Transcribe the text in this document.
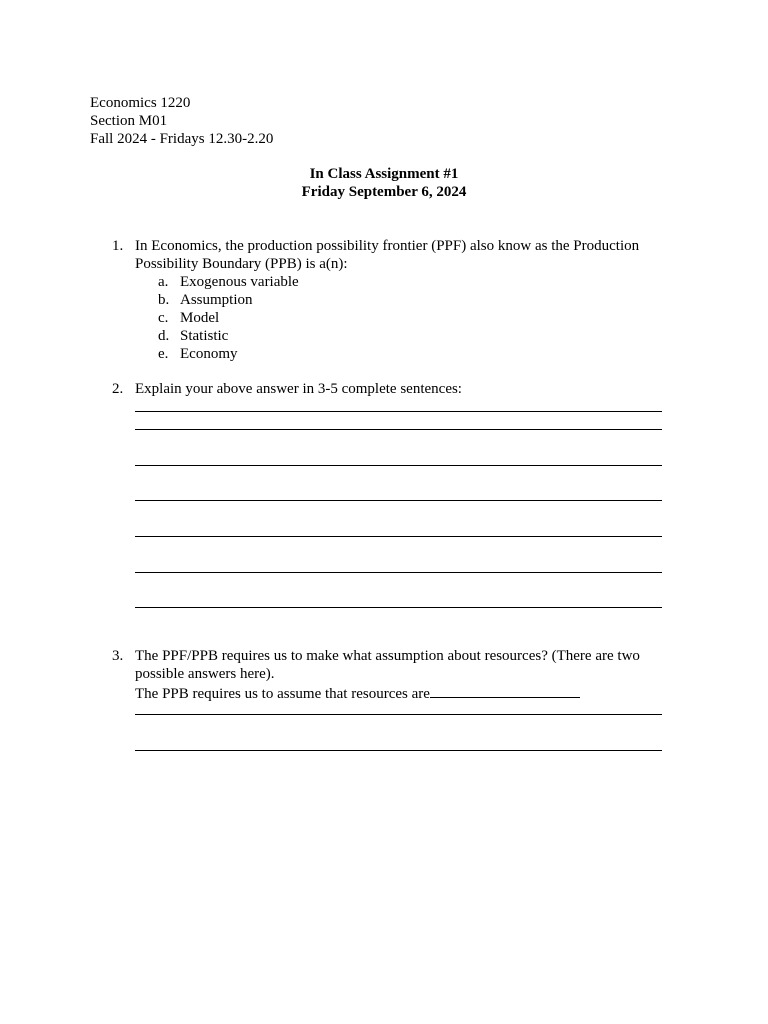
Economics 1220
Section M01
Fall 2024 - Fridays 12.30-2.20
In Class Assignment #1
Friday September 6, 2024
1. In Economics, the production possibility frontier (PPF) also know as the Production Possibility Boundary (PPB) is a(n):
a. Exogenous variable
b. Assumption
c. Model
d. Statistic
e. Economy
2. Explain your above answer in 3-5 complete sentences:
3. The PPF/PPB requires us to make what assumption about resources? (There are two possible answers here).
The PPB requires us to assume that resources are
